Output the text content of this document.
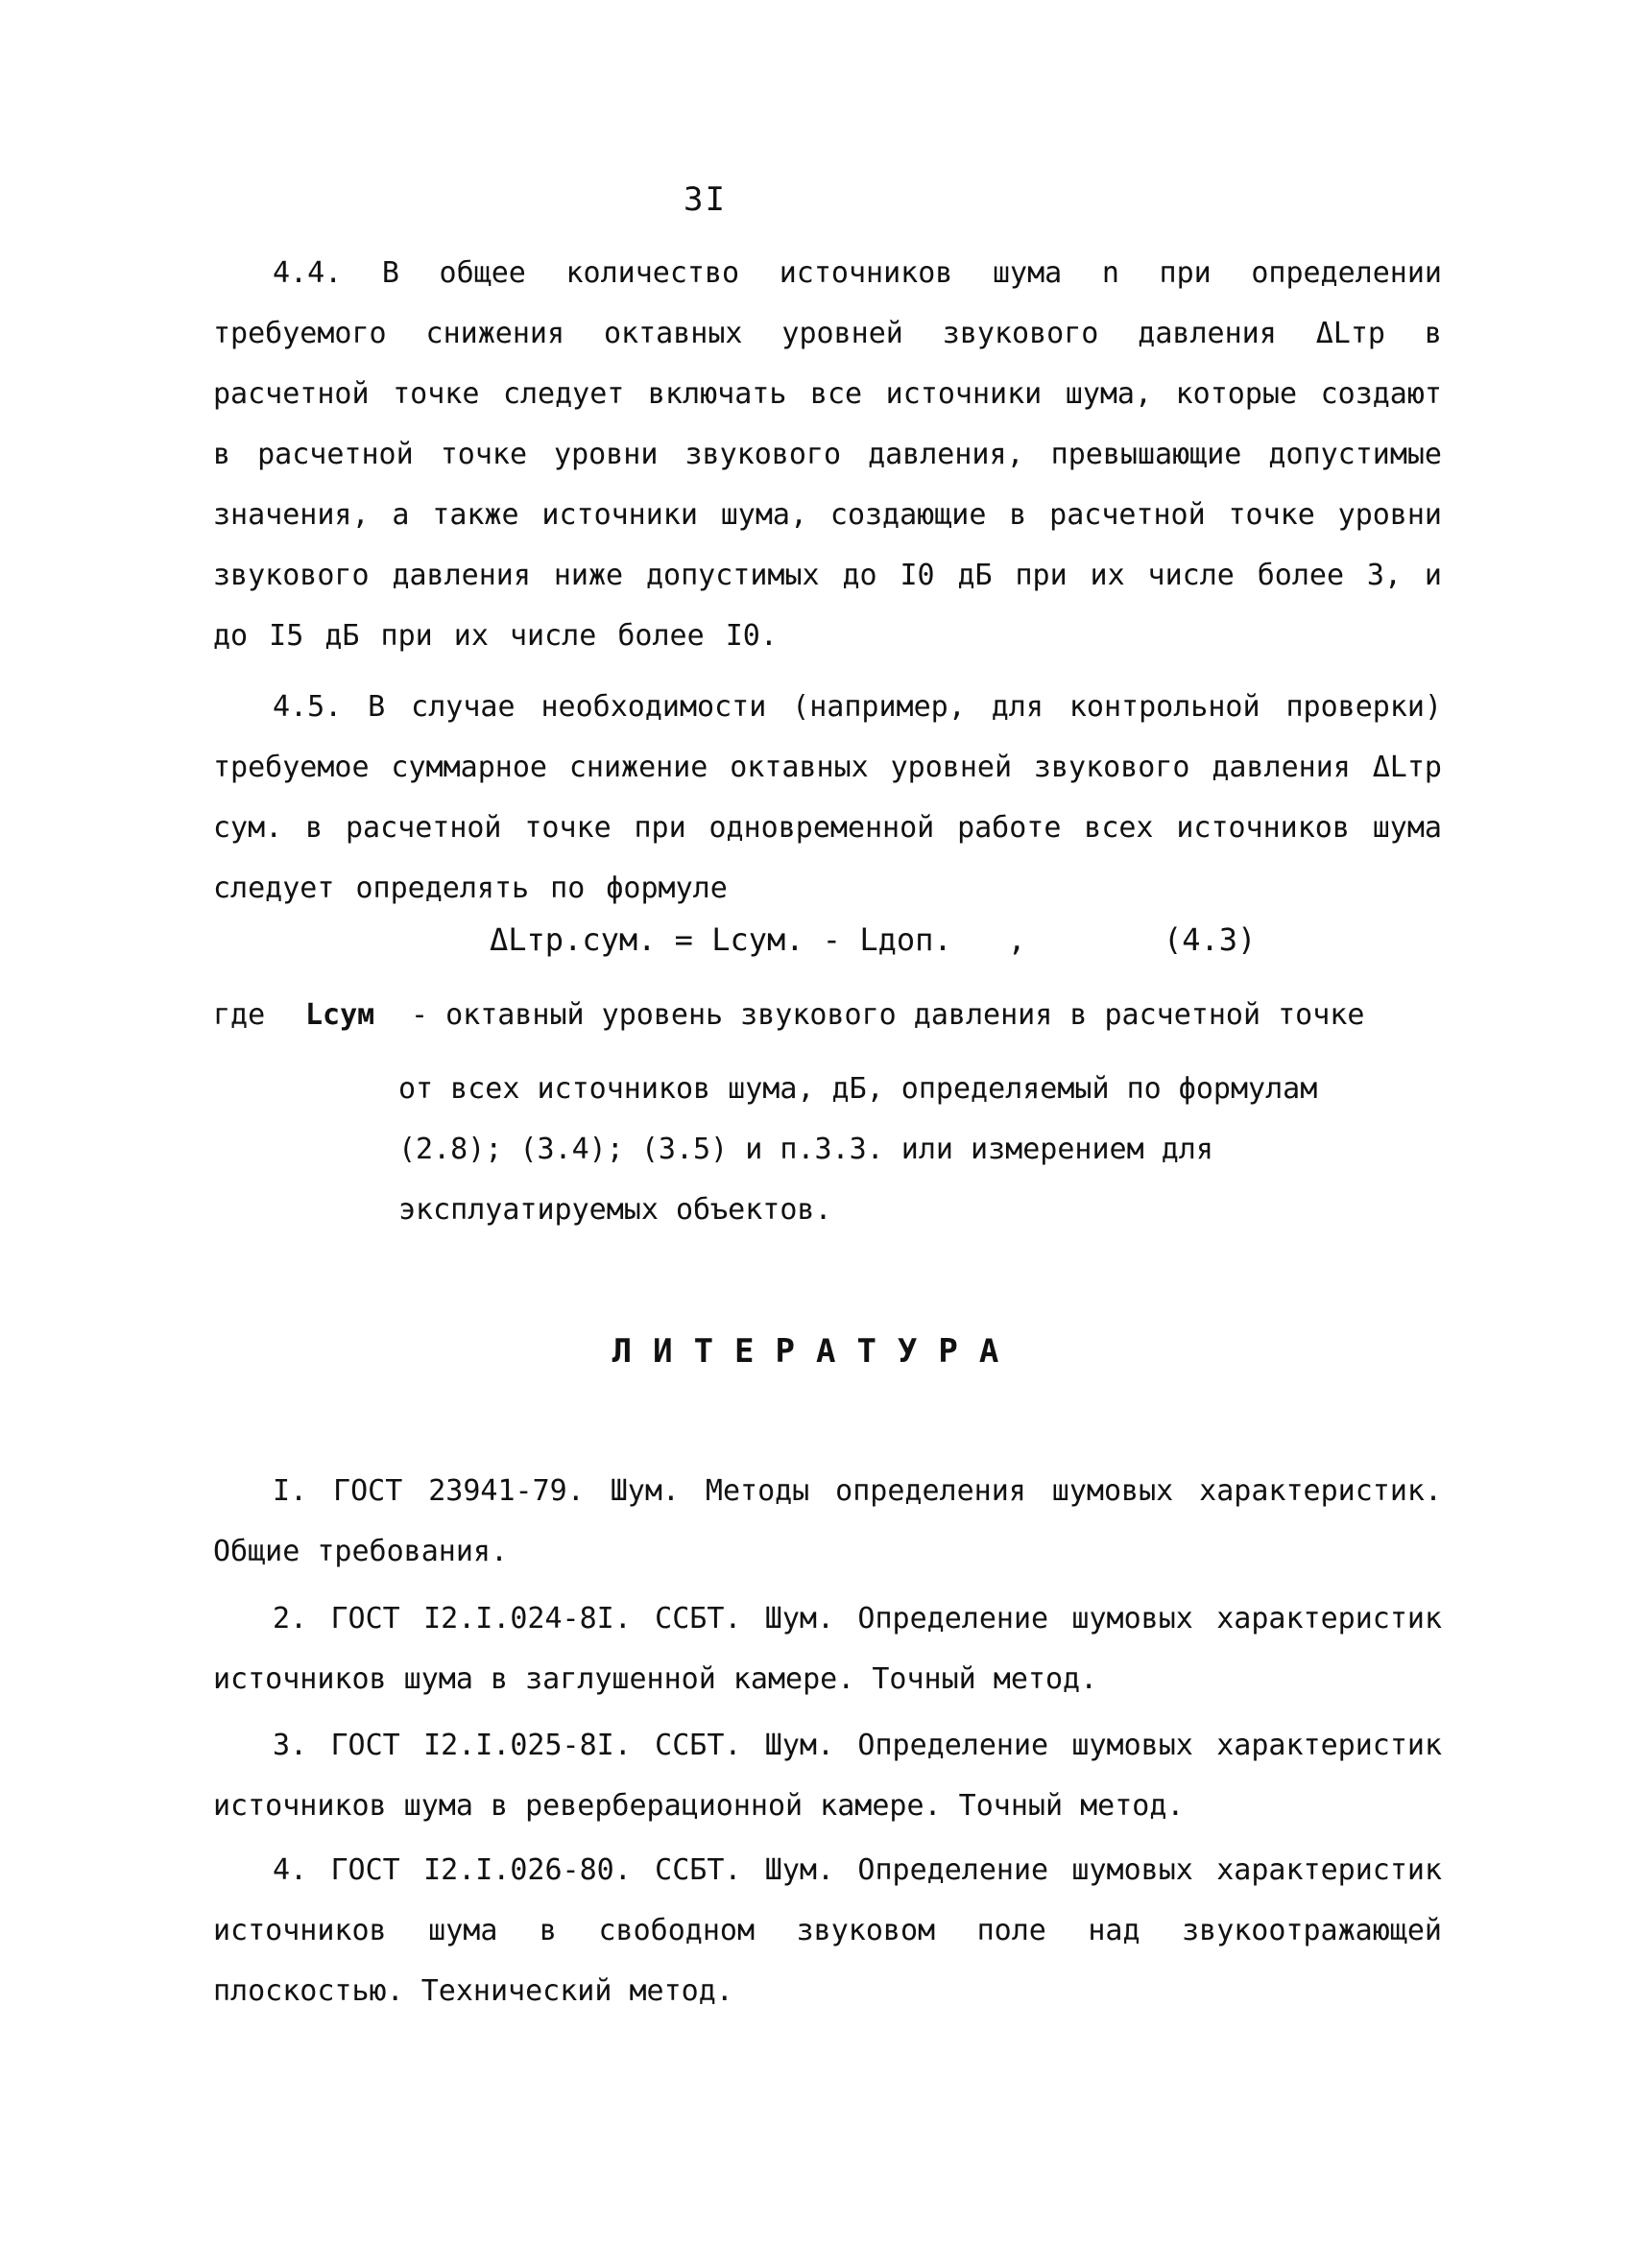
3I
4.4. В общее количество источников шума n при определении требуемого снижения октавных уровней звукового давления ΔLтр в расчетной точке следует включать все источники шума, которые создают в расчетной точке уровни звукового давления, превышающие допустимые значения, а также источники шума, создающие в расчетной точке уровни звукового давления ниже допустимых до I0 дБ при их числе более 3, и до I5 дБ при их числе более I0.
4.5. В случае необходимости (например, для контрольной проверки) требуемое суммарное снижение октавных уровней звукового давления ΔLтр сум. в расчетной точке при одновременной работе всех источников шума следует определять по формуле
ΔLтр.сум. = Lсум. - Lдоп.   ,	(4.3)
где Lсум - октавный уровень звукового давления в расчетной точке
от всех источников шума, дБ, определяемый по формулам (2.8); (3.4); (3.5) и п.3.3. или измерением для эксплуатируемых объектов.
ЛИТЕРАТУРА
I. ГОСТ 23941-79. Шум. Методы определения шумовых характеристик. Общие требования.
2. ГОСТ I2.I.024-8I. ССБТ. Шум. Определение шумовых характеристик источников шума в заглушенной камере. Точный метод.
3. ГОСТ I2.I.025-8I. ССБТ. Шум. Определение шумовых характеристик источников шума в реверберационной камере. Точный метод.
4. ГОСТ I2.I.026-80. ССБТ. Шум. Определение шумовых характеристик источников шума в свободном звуковом поле над звукоотражающей плоскостью. Технический метод.
